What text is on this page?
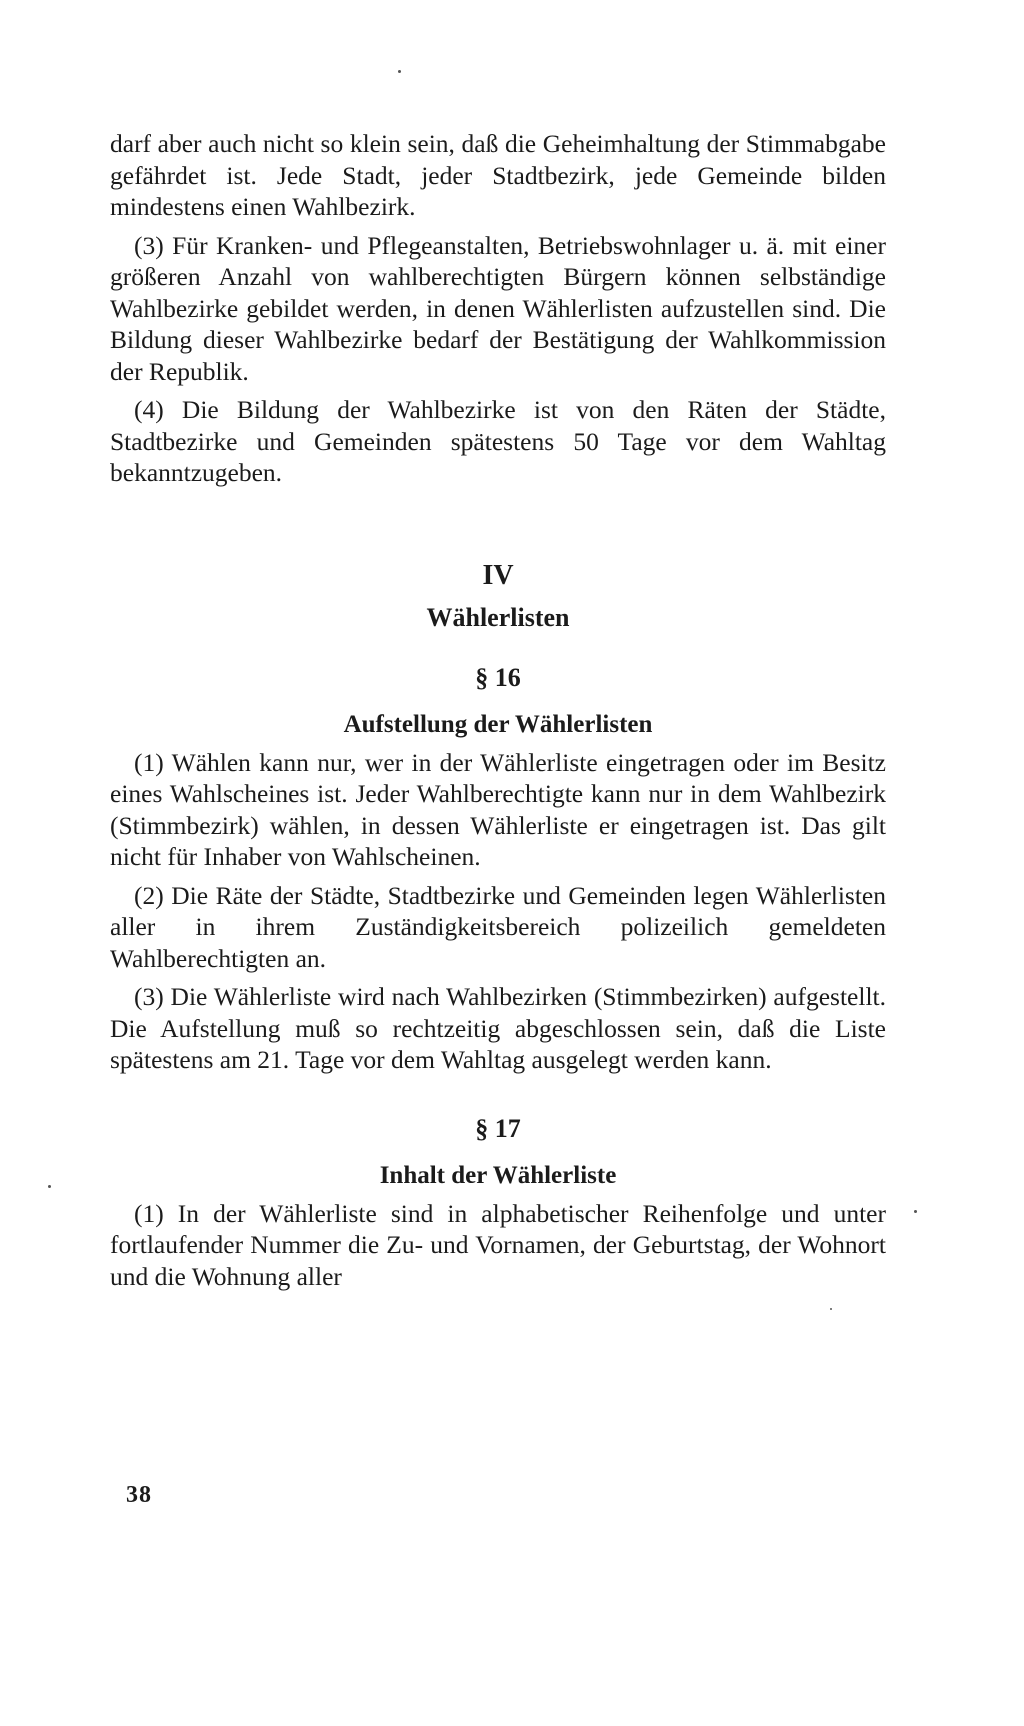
darf aber auch nicht so klein sein, daß die Geheimhaltung der Stimmabgabe gefährdet ist. Jede Stadt, jeder Stadtbezirk, jede Gemeinde bilden mindestens einen Wahlbezirk.

(3) Für Kranken- und Pflegeanstalten, Betriebswohnlager u. ä. mit einer größeren Anzahl von wahlberechtigten Bürgern können selbständige Wahlbezirke gebildet werden, in denen Wählerlisten aufzustellen sind. Die Bildung dieser Wahlbezirke bedarf der Bestätigung der Wahlkommission der Republik.

(4) Die Bildung der Wahlbezirke ist von den Räten der Städte, Stadtbezirke und Gemeinden spätestens 50 Tage vor dem Wahltag bekanntzugeben.

IV
Wählerlisten
§ 16
Aufstellung der Wählerlisten

(1) Wählen kann nur, wer in der Wählerliste eingetragen oder im Besitz eines Wahlscheines ist. Jeder Wahlberechtigte kann nur in dem Wahlbezirk (Stimmbezirk) wählen, in dessen Wählerliste er eingetragen ist. Das gilt nicht für Inhaber von Wahlscheinen.

(2) Die Räte der Städte, Stadtbezirke und Gemeinden legen Wählerlisten aller in ihrem Zuständigkeitsbereich polizeilich gemeldeten Wahlberechtigten an.

(3) Die Wählerliste wird nach Wahlbezirken (Stimmbezirken) aufgestellt. Die Aufstellung muß so rechtzeitig abgeschlossen sein, daß die Liste spätestens am 21. Tage vor dem Wahltag ausgelegt werden kann.

§ 17
Inhalt der Wählerliste

(1) In der Wählerliste sind in alphabetischer Reihenfolge und unter fortlaufender Nummer die Zu- und Vornamen, der Geburtstag, der Wohnort und die Wohnung aller

38
